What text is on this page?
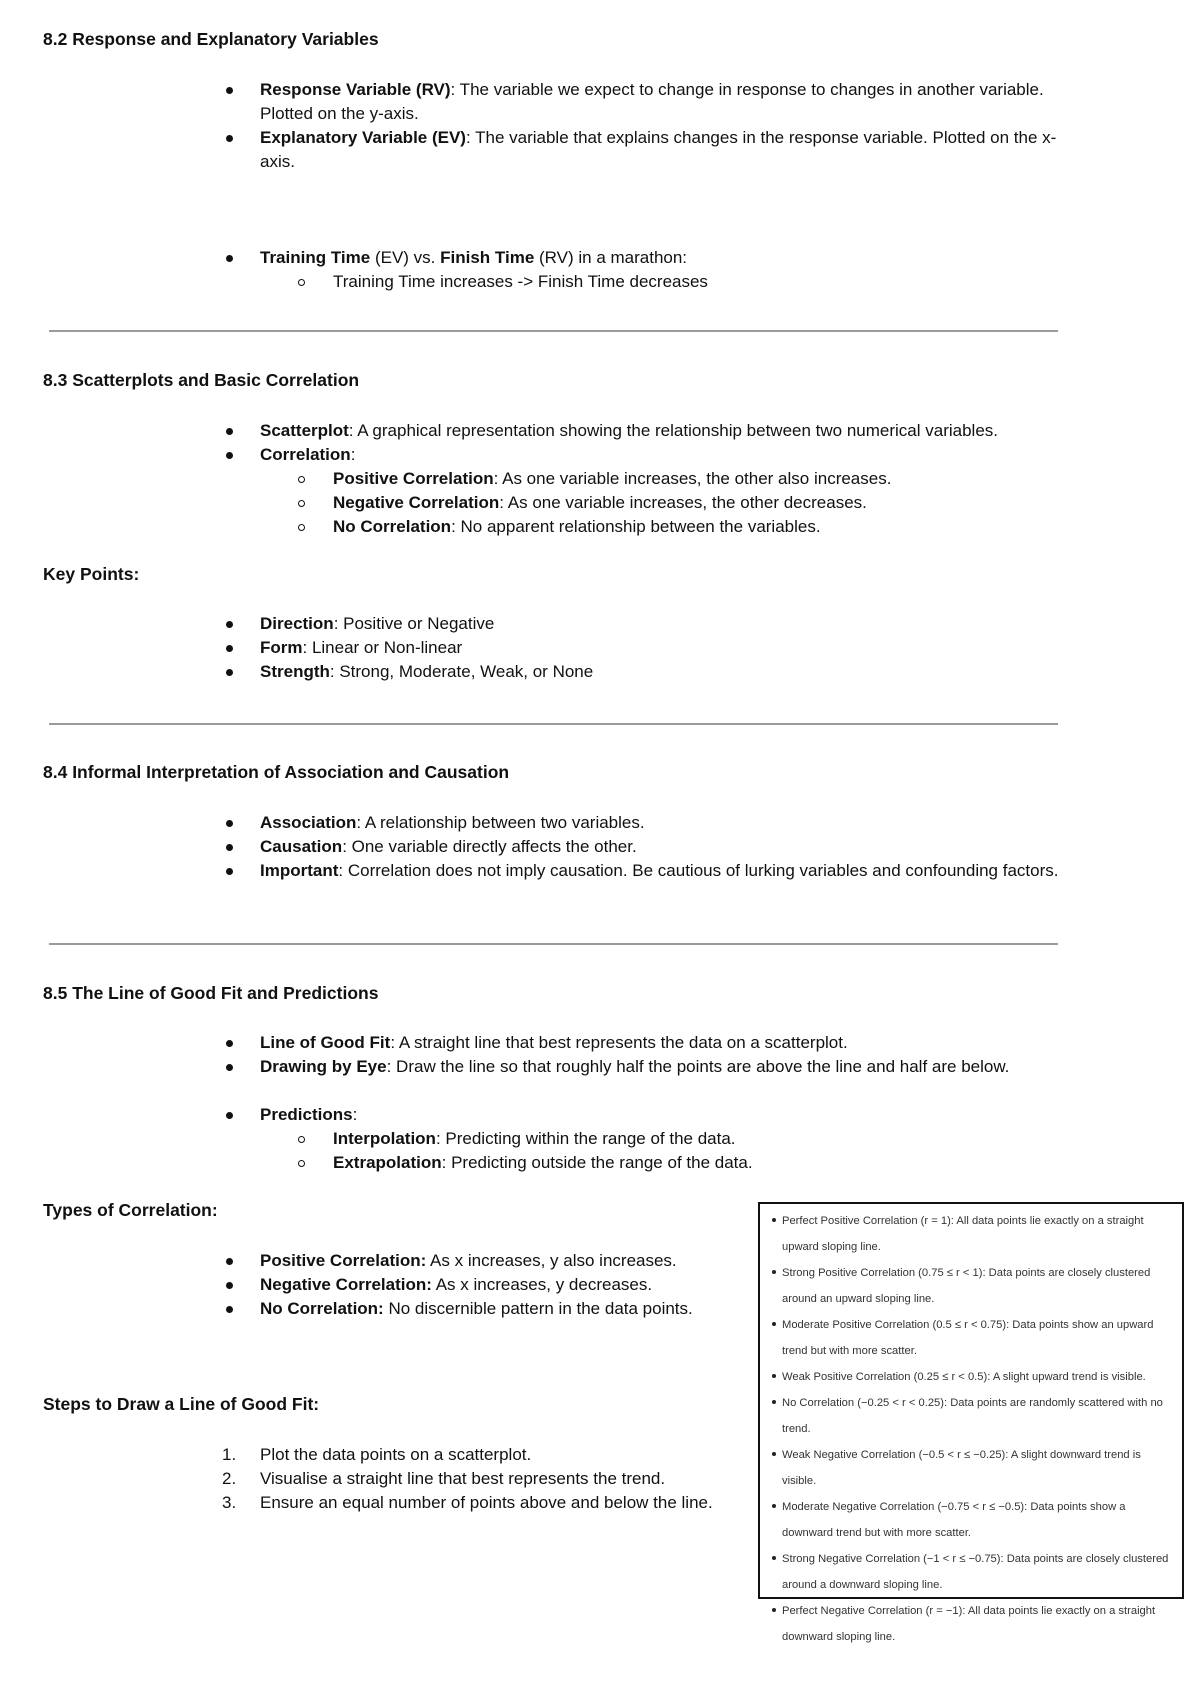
8.2 Response and Explanatory Variables

Response Variable (RV): The variable we expect to change in response to changes in another variable. Plotted on the y-axis.
Explanatory Variable (EV): The variable that explains changes in the response variable. Plotted on the x-axis.
Training Time (EV) vs. Finish Time (RV) in a marathon:
Training Time increases -> Finish Time decreases

8.3 Scatterplots and Basic Correlation

Scatterplot: A graphical representation showing the relationship between two numerical variables.
Correlation:
Positive Correlation: As one variable increases, the other also increases.
Negative Correlation: As one variable increases, the other decreases.
No Correlation: No apparent relationship between the variables.

Key Points:

Direction: Positive or Negative
Form: Linear or Non-linear
Strength: Strong, Moderate, Weak, or None

8.4 Informal Interpretation of Association and Causation

Association: A relationship between two variables.
Causation: One variable directly affects the other.
Important: Correlation does not imply causation. Be cautious of lurking variables and confounding factors.

8.5 The Line of Good Fit and Predictions

Line of Good Fit: A straight line that best represents the data on a scatterplot.
Drawing by Eye: Draw the line so that roughly half the points are above the line and half are below.
Predictions:
Interpolation: Predicting within the range of the data.
Extrapolation: Predicting outside the range of the data.

Types of Correlation:

Positive Correlation: As x increases, y also increases.
Negative Correlation: As x increases, y decreases.
No Correlation: No discernible pattern in the data points.

Steps to Draw a Line of Good Fit:

1. Plot the data points on a scatterplot.
2. Visualise a straight line that best represents the trend.
3. Ensure an equal number of points above and below the line.
Perfect Positive Correlation (r = 1): All data points lie exactly on a straight upward sloping line.
Strong Positive Correlation (0.75 ≤ r < 1): Data points are closely clustered around an upward sloping line.
Moderate Positive Correlation (0.5 ≤ r < 0.75): Data points show an upward trend but with more scatter.
Weak Positive Correlation (0.25 ≤ r < 0.5): A slight upward trend is visible.
No Correlation (−0.25 < r < 0.25): Data points are randomly scattered with no trend.
Weak Negative Correlation (−0.5 < r ≤ −0.25): A slight downward trend is visible.
Moderate Negative Correlation (−0.75 < r ≤ −0.5): Data points show a downward trend but with more scatter.
Strong Negative Correlation (−1 < r ≤ −0.75): Data points are closely clustered around a downward sloping line.
Perfect Negative Correlation (r = −1): All data points lie exactly on a straight downward sloping line.
